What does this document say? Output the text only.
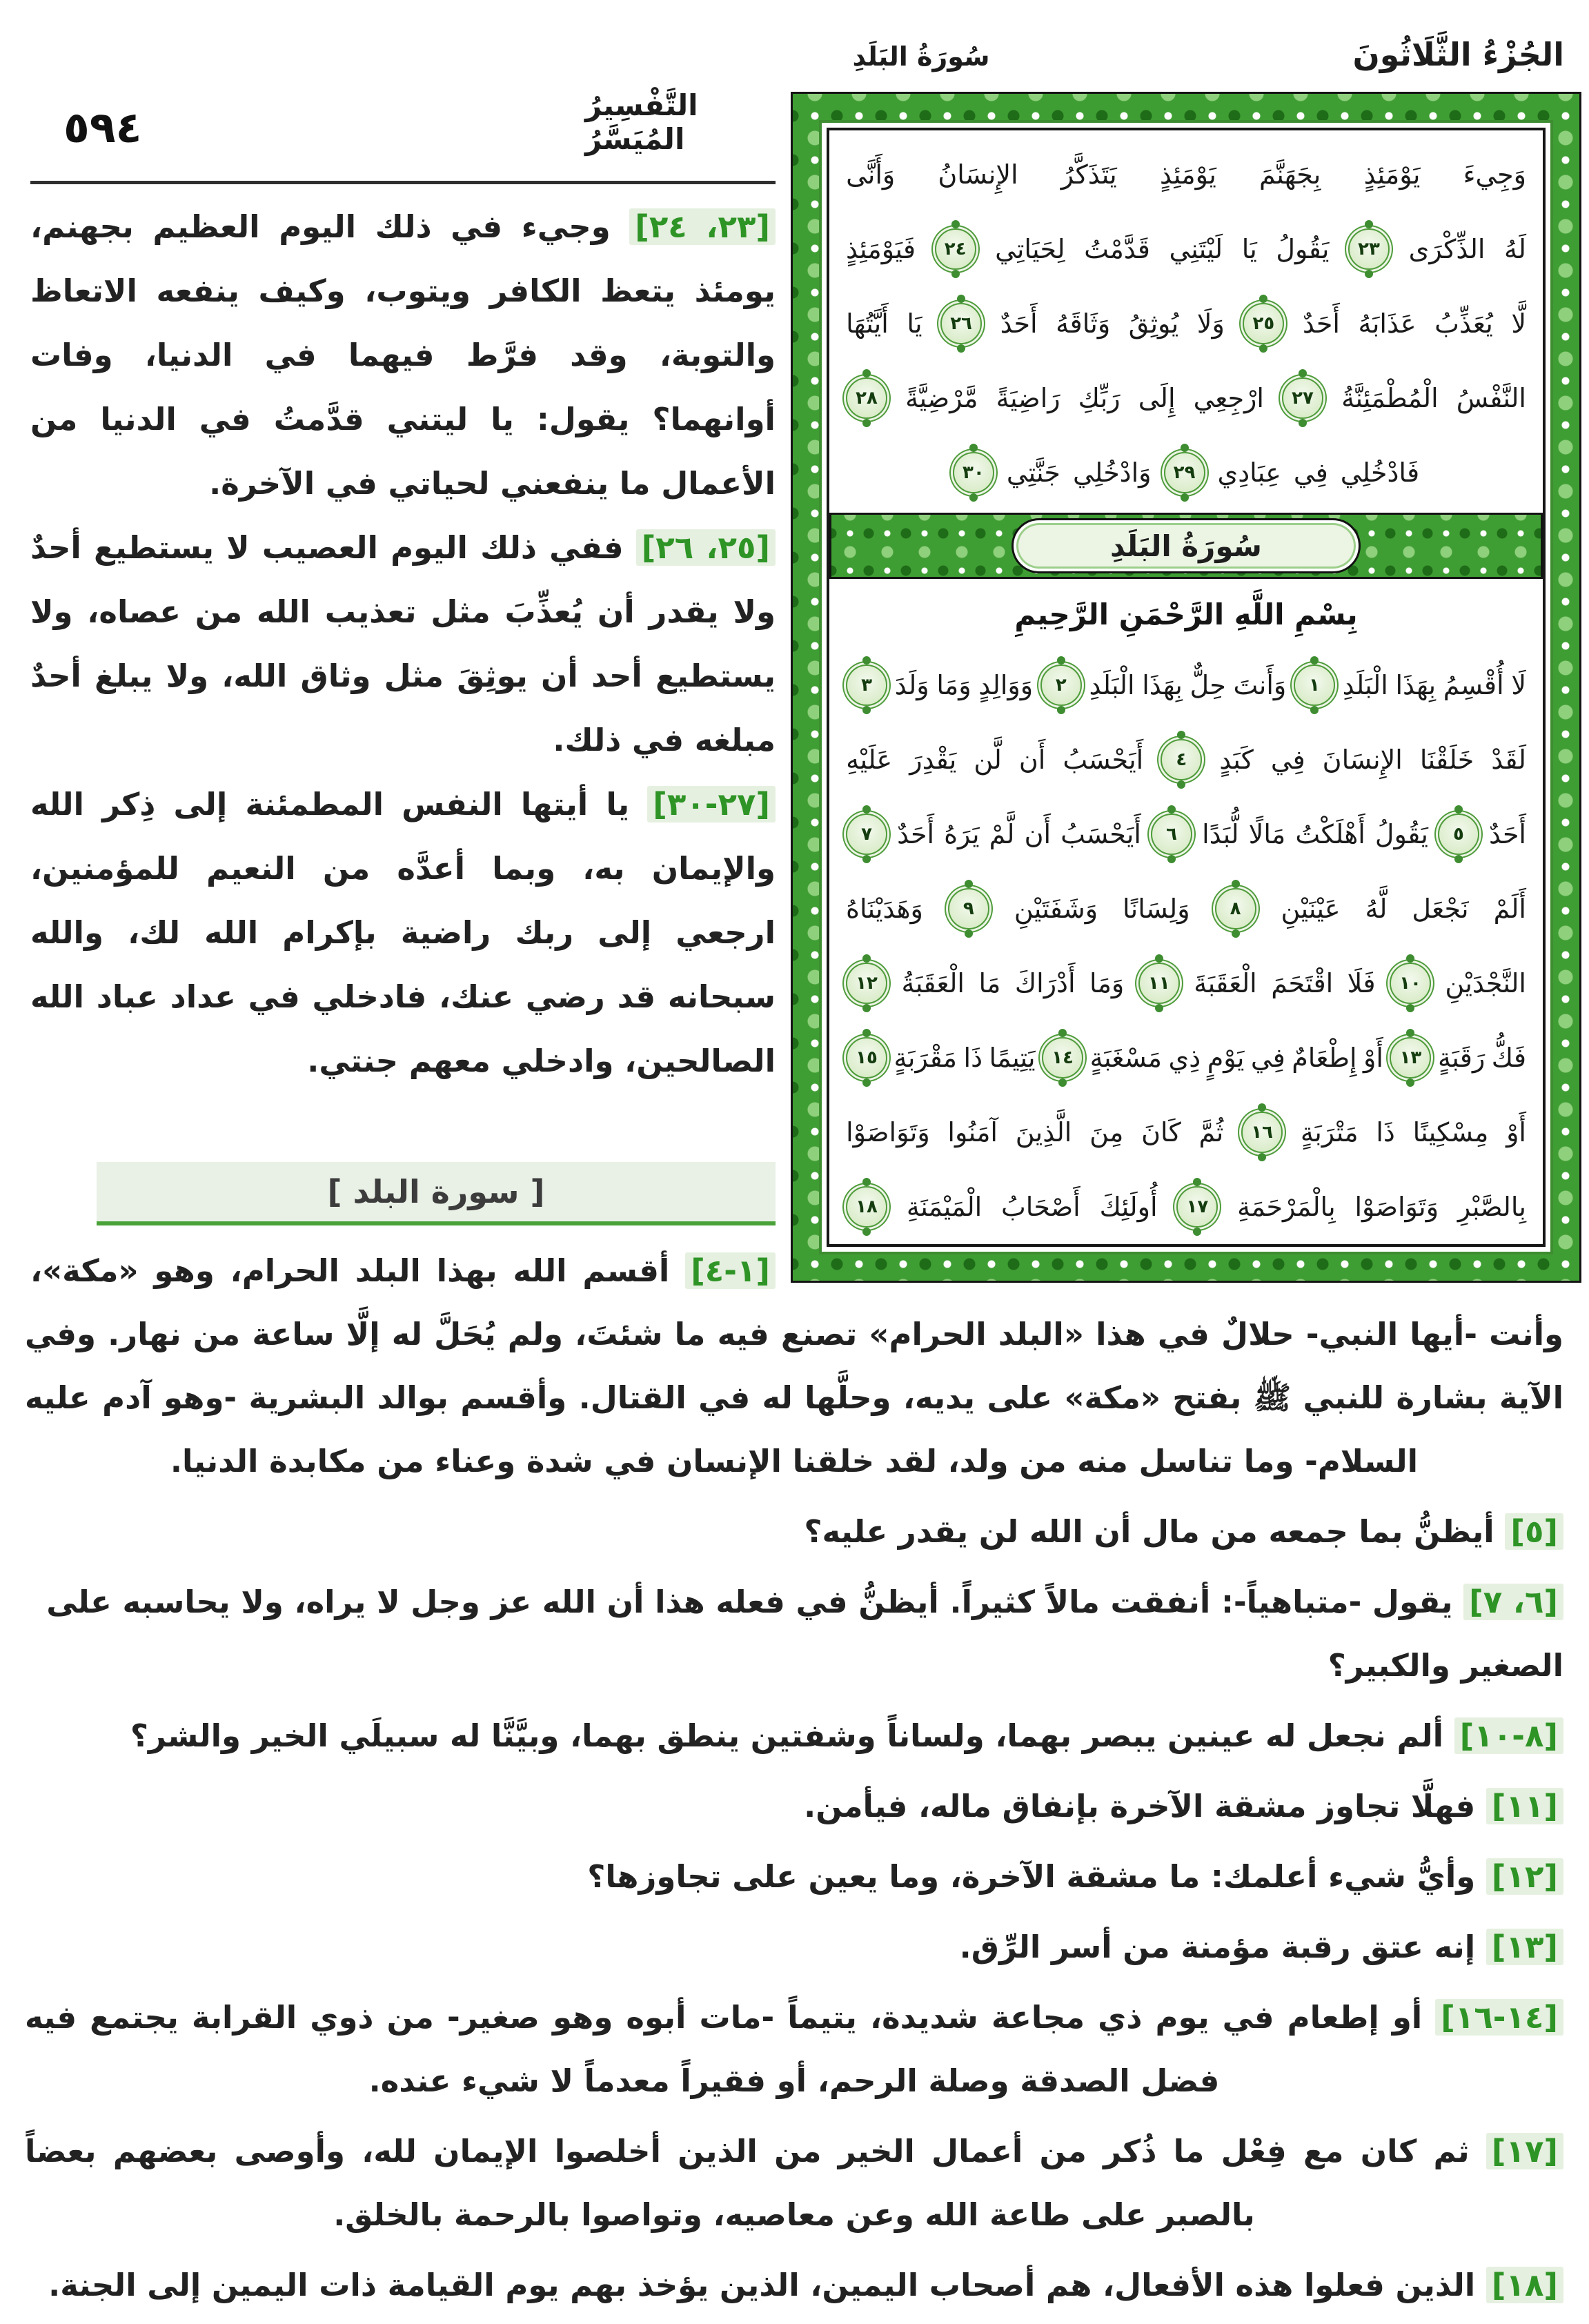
الجُزْءُ الثَّلَاثُونَ
سُورَةُ البَلَدِ
التَّفْسِيرُ المُيَسَّرُ
٥٩٤
وَجِيءَ
يَوْمَئِذٍ
بِجَهَنَّمَ
يَوْمَئِذٍ
يَتَذَكَّرُ
الإِنسَانُ
وَأَنَّى
لَهُ
الذِّكْرَى
٢٣
يَقُولُ
يَا
لَيْتَنِي
قَدَّمْتُ
لِحَيَاتِي
٢٤
فَيَوْمَئِذٍ
لَّا
يُعَذِّبُ
عَذَابَهُ
أَحَدٌ
٢٥
وَلَا
يُوثِقُ
وَثَاقَهُ
أَحَدٌ
٢٦
يَا
أَيَّتُهَا
النَّفْسُ
الْمُطْمَئِنَّةُ
٢٧
ارْجِعِي
إِلَى
رَبِّكِ
رَاضِيَةً
مَّرْضِيَّةً
٢٨
فَادْخُلِي
فِي
عِبَادِي
٢٩
وَادْخُلِي
جَنَّتِي
٣٠
سُورَةُ البَلَدِ
بِسْمِ اللَّهِ الرَّحْمَنِ الرَّحِيمِ
لَا
أُقْسِمُ
بِهَذَا
الْبَلَدِ
١
وَأَنتَ
حِلٌّ
بِهَذَا
الْبَلَدِ
٢
وَوَالِدٍ
وَمَا
وَلَدَ
٣
لَقَدْ
خَلَقْنَا
الإِنسَانَ
فِي
كَبَدٍ
٤
أَيَحْسَبُ
أَن
لَّن
يَقْدِرَ
عَلَيْهِ
أَحَدٌ
٥
يَقُولُ
أَهْلَكْتُ
مَالًا
لُّبَدًا
٦
أَيَحْسَبُ
أَن
لَّمْ
يَرَهُ
أَحَدٌ
٧
أَلَمْ
نَجْعَل
لَّهُ
عَيْنَيْنِ
٨
وَلِسَانًا
وَشَفَتَيْنِ
٩
وَهَدَيْنَاهُ
النَّجْدَيْنِ
١٠
فَلَا
اقْتَحَمَ
الْعَقَبَةَ
١١
وَمَا
أَدْرَاكَ
مَا
الْعَقَبَةُ
١٢
فَكُّ
رَقَبَةٍ
١٣
أَوْ
إِطْعَامٌ
فِي
يَوْمٍ
ذِي
مَسْغَبَةٍ
١٤
يَتِيمًا
ذَا
مَقْرَبَةٍ
١٥
أَوْ
مِسْكِينًا
ذَا
مَتْرَبَةٍ
١٦
ثُمَّ
كَانَ
مِنَ
الَّذِينَ
آمَنُوا
وَتَوَاصَوْا
بِالصَّبْرِ
وَتَوَاصَوْا
بِالْمَرْحَمَةِ
١٧
أُولَئِكَ
أَصْحَابُ
الْمَيْمَنَةِ
١٨

[٢٣، ٢٤] وجيء في ذلك اليوم العظيم بجهنم، يومئذ يتعظ الكافر ويتوب، وكيف ينفعه الاتعاظ والتوبة، وقد فرَّط فيهما في الدنيا، وفات أوانهما؟ يقول: يا ليتني قدَّمتُ في الدنيا من الأعمال ما ينفعني لحياتي في الآخرة.

[٢٥، ٢٦] ففي ذلك اليوم العصيب لا يستطيع أحدٌ ولا يقدر أن يُعذِّبَ مثل تعذيب الله من عصاه، ولا يستطيع أحد أن يوثِقَ مثل وثاق الله، ولا يبلغ أحدٌ مبلغه في ذلك.

[٢٧-٣٠] يا أيتها النفس المطمئنة إلى ذِكر الله والإيمان به، وبما أعدَّه من النعيم للمؤمنين، ارجعي إلى ربك راضية بإكرام الله لك، والله سبحانه قد رضي عنك، فادخلي في عداد عباد الله الصالحين، وادخلي معهم جنتي.

[ سورة البلد ]
[١-٤] أقسم الله بهذا البلد الحرام، وهو «مكة»،

وأنت -أيها النبي- حلالٌ في هذا «البلد الحرام» تصنع فيه ما شئتَ، ولم يُحَلَّ له إلَّا ساعة من نهار. وفي الآية بشارة للنبي ﷺ بفتح «مكة» على يديه، وحلَّها له في القتال. وأقسم بوالد البشرية -وهو آدم عليه السلام- وما تناسل منه من ولد، لقد خلقنا الإنسان في شدة وعناء من مكابدة الدنيا.

[٥] أيظنُّ بما جمعه من مال أن الله لن يقدر عليه؟

[٦، ٧] يقول -متباهياً-: أنفقت مالاً كثيراً. أيظنُّ في فعله هذا أن الله عز وجل لا يراه، ولا يحاسبه على الصغير والكبير؟

[٨-١٠] ألم نجعل له عينين يبصر بهما، ولساناً وشفتين ينطق بهما، وبيَّنَّا له سبيلَي الخير والشر؟

[١١] فهلَّا تجاوز مشقة الآخرة بإنفاق ماله، فيأمن.

[١٢] وأيُّ شيء أعلمك: ما مشقة الآخرة، وما يعين على تجاوزها؟

[١٣] إنه عتق رقبة مؤمنة من أسر الرِّق.

[١٤-١٦] أو إطعام في يوم ذي مجاعة شديدة، يتيماً -مات أبوه وهو صغير- من ذوي القرابة يجتمع فيه فضل الصدقة وصلة الرحم، أو فقيراً معدماً لا شيء عنده.

[١٧] ثم كان مع فِعْل ما ذُكر من أعمال الخير من الذين أخلصوا الإيمان لله، وأوصى بعضهم بعضاً بالصبر على طاعة الله وعن معاصيه، وتواصوا بالرحمة بالخلق.

[١٨] الذين فعلوا هذه الأفعال، هم أصحاب اليمين، الذين يؤخذ بهم يوم القيامة ذات اليمين إلى الجنة.
